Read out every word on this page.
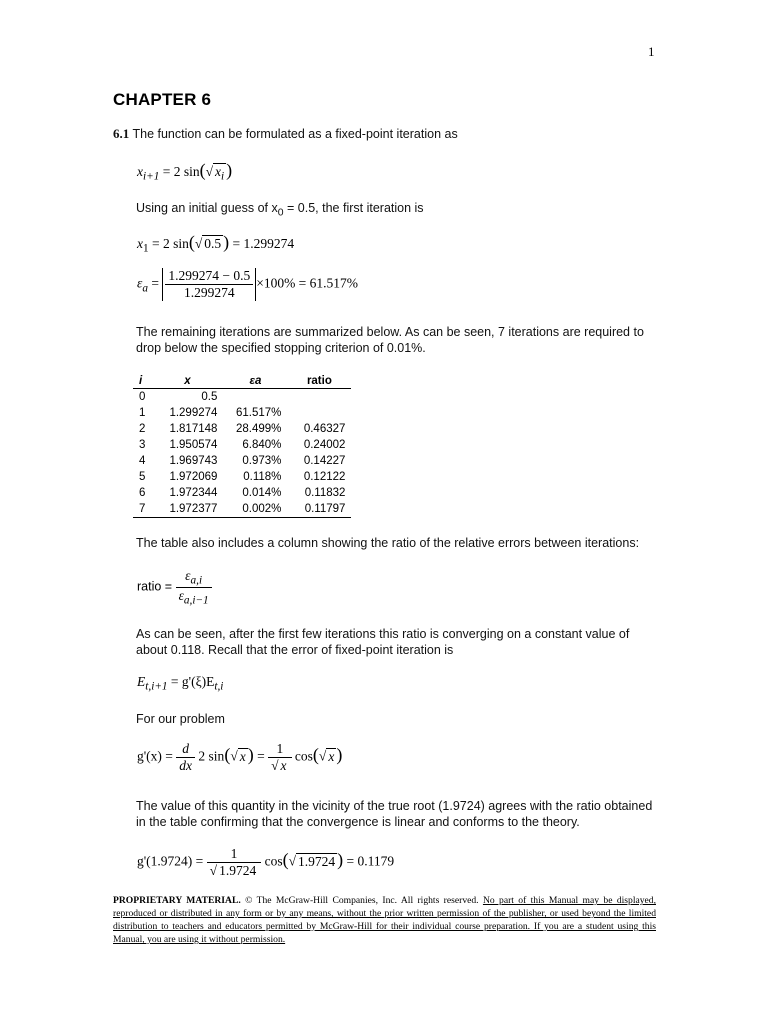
1
CHAPTER 6
6.1 The function can be formulated as a fixed-point iteration as
$x_{i+1} = 2$ sin(√ $x_i$ )
Using an initial guess of $x_0 = 0.5$, the first iteration is
$x_1 = 2$ sin(√ 0.5 ) = 1.299274
$\varepsilon_a = \frac{1.299274 - 0.5}{1.299274} \times 100\% = 61.517\%$
The remaining iterations are summarized below. As can be seen, 7 iterations are required to drop below the specified stopping criterion of 0.01%.
i	x	εa	ratio
0	0.5		
1	1.299274	61.517%	
2	1.817148	28.499%	0.46327
3	1.950574	6.840%	0.24002
4	1.969743	0.973%	0.14227
5	1.972069	0.118%	0.12122
6	1.972344	0.014%	0.11832
7	1.972377	0.002%	0.11797
The table also includes a column showing the ratio of the relative errors between iterations:
ratio = $\frac{\varepsilon_{a,i}}{\varepsilon_{a,i-1}}$
As can be seen, after the first few iterations this ratio is converging on a constant value of about 0.118. Recall that the error of fixed-point iteration is
$E_{t,i+1} = g'(\xi)E_{t,i}$
For our problem
$g'(x) = \frac{d}{dx} 2$ sin(√ x ) = $\frac{1}{√ x} \cos(√$ x )
The value of this quantity in the vicinity of the true root (1.9724) agrees with the ratio obtained in the table confirming that the convergence is linear and conforms to the theory.
$g'(1.9724) = \frac{1}{√ 1.9724} \cos(√$ 1.9724 ) = 0.1179
PROPRIETARY MATERIAL. © The McGraw-Hill Companies, Inc. All rights reserved. No part of this Manual may be displayed, reproduced or distributed in any form or by any means, without the prior written permission of the publisher, or used beyond the limited distribution to teachers and educators permitted by McGraw-Hill for their individual course preparation. If you are a student using this Manual, you are using it without permission.
